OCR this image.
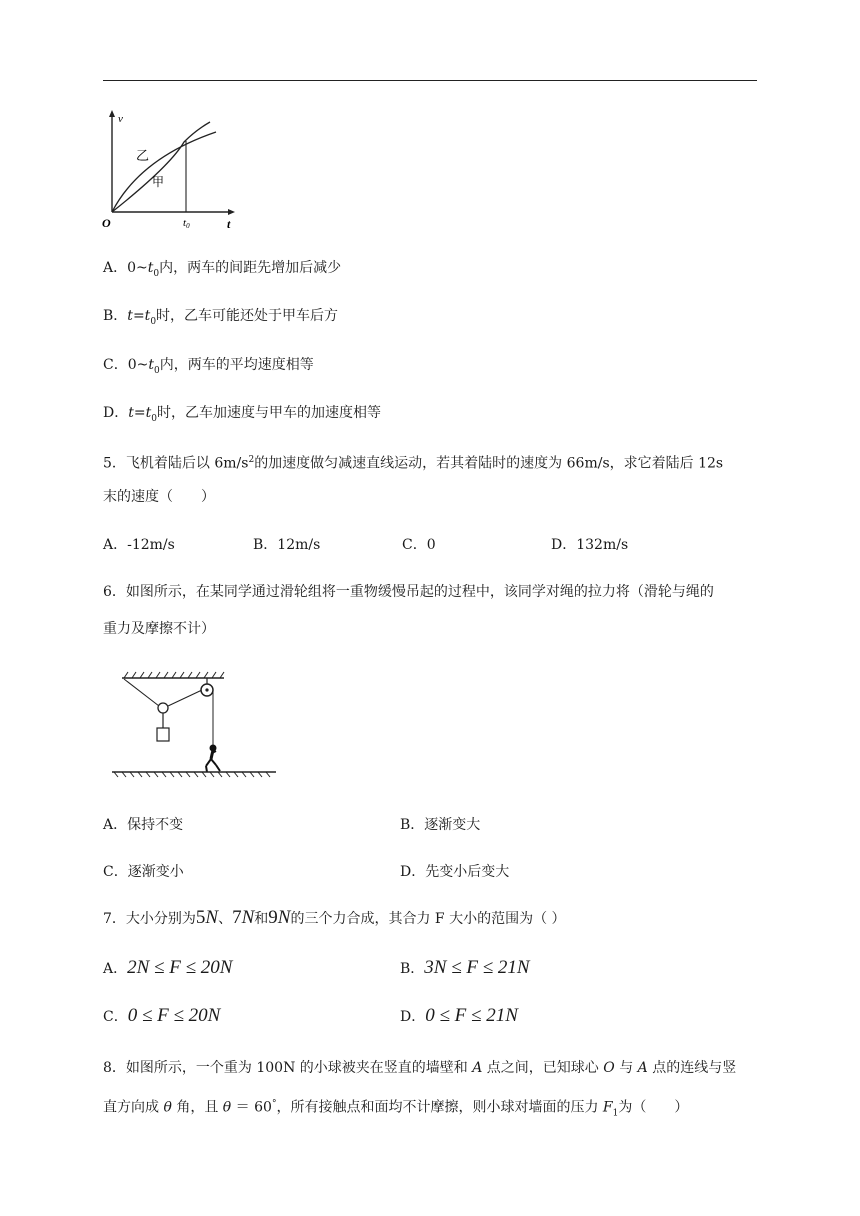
v
t
O
乙
甲
t0
A．$0\sim t_0$内，两车的间距先增加后减少
B．$t=t_0$时，乙车可能还处于甲车后方
C．$0\sim t_0$内，两车的平均速度相等
D．$t=t_0$时，乙车加速度与甲车的加速度相等
5．飞机着陆后以 $6m/s^2$的加速度做匀减速直线运动，若其着陆时的速度为 66m/s，求它着陆后 12s
末的速度（　　）
A．-12m/s	B．12m/s	C．0	D．132m/s
6．如图所示，在某同学通过滑轮组将一重物缓慢吊起的过程中，该同学对绳的拉力将（滑轮与绳的
重力及摩擦不计）
A．保持不变	B．逐渐变大
C．逐渐变小	D．先变小后变大
7．大小分别为5N、7N和9N的三个力合成，其合力 F 大小的范围为（ ）
A．2N ≤ F ≤ 20N	B．3N ≤ F ≤ 21N
C．0 ≤ F ≤ 20N	D．0 ≤ F ≤ 21N
8．如图所示，一个重为 100N 的小球被夹在竖直的墙壁和 A 点之间，已知球心 O 与 A 点的连线与竖
直方向成 θ 角，且 θ ＝ 60°，所有接触点和面均不计摩擦，则小球对墙面的压力 $F_1$为（　　）
